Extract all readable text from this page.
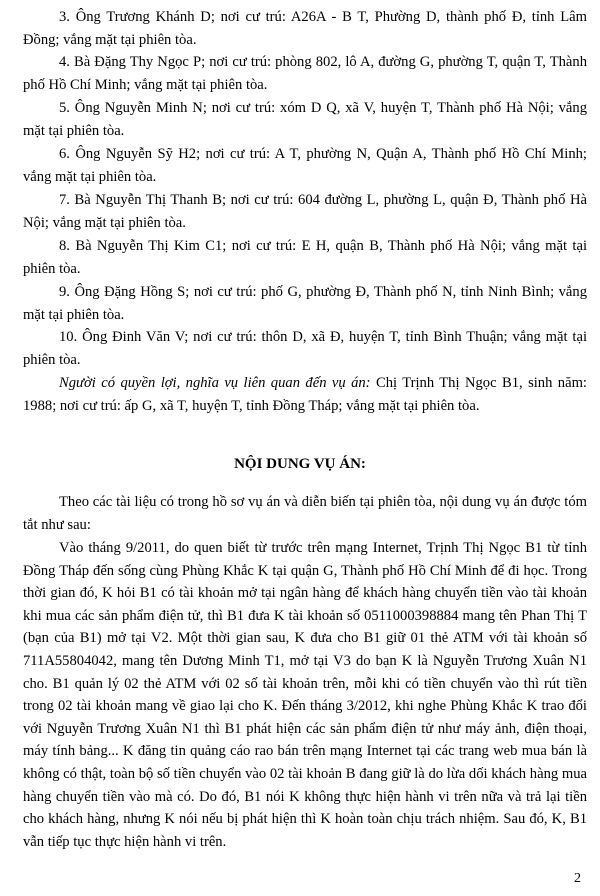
3. Ông Trương Khánh D; nơi cư trú: A26A - B T, Phường D, thành phố Đ, tỉnh Lâm Đồng; vắng mặt tại phiên tòa.
4. Bà Đặng Thy Ngọc P; nơi cư trú: phòng 802, lô A, đường G, phường T, quận T, Thành phố Hồ Chí Minh; vắng mặt tại phiên tòa.
5. Ông Nguyễn Minh N; nơi cư trú: xóm D Q, xã V, huyện T, Thành phố Hà Nội; vắng mặt tại phiên tòa.
6. Ông Nguyễn Sỹ H2; nơi cư trú: A T, phường N, Quận A, Thành phố Hồ Chí Minh; vắng mặt tại phiên tòa.
7. Bà Nguyễn Thị Thanh B; nơi cư trú: 604 đường L, phường L, quận Đ, Thành phố Hà Nội; vắng mặt tại phiên tòa.
8. Bà Nguyễn Thị Kim C1; nơi cư trú: E H, quận B, Thành phố Hà Nội; vắng mặt tại phiên tòa.
9. Ông Đặng Hồng S; nơi cư trú: phố G, phường Đ, Thành phố N, tỉnh Ninh Bình; vắng mặt tại phiên tòa.
10. Ông Đinh Văn V; nơi cư trú: thôn D, xã Đ, huyện T, tỉnh Bình Thuận; vắng mặt tại phiên tòa.
Người có quyền lợi, nghĩa vụ liên quan đến vụ án: Chị Trịnh Thị Ngọc B1, sinh năm: 1988; nơi cư trú: ấp G, xã T, huyện T, tỉnh Đồng Tháp; vắng mặt tại phiên tòa.
NỘI DUNG VỤ ÁN:
Theo các tài liệu có trong hồ sơ vụ án và diễn biến tại phiên tòa, nội dung vụ án được tóm tắt như sau:
Vào tháng 9/2011, do quen biết từ trước trên mạng Internet, Trịnh Thị Ngọc B1 từ tỉnh Đồng Tháp đến sống cùng Phùng Khắc K tại quận G, Thành phố Hồ Chí Minh để đi học. Trong thời gian đó, K hỏi B1 có tài khoản mở tại ngân hàng để khách hàng chuyển tiền vào tài khoản khi mua các sản phẩm điện tử, thì B1 đưa K tài khoản số 0511000398884 mang tên Phan Thị T (bạn của B1) mở tại V2. Một thời gian sau, K đưa cho B1 giữ 01 thẻ ATM với tài khoản số 711A55804042, mang tên Dương Minh T1, mở tại V3 do bạn K là Nguyễn Trương Xuân N1 cho. B1 quản lý 02 thẻ ATM với 02 số tài khoản trên, mỗi khi có tiền chuyển vào thì rút tiền trong 02 tài khoản mang về giao lại cho K. Đến tháng 3/2012, khi nghe Phùng Khắc K trao đổi với Nguyễn Trương Xuân N1 thì B1 phát hiện các sản phẩm điện tử như máy ảnh, điện thoại, máy tính bảng... K đăng tin quảng cáo rao bán trên mạng Internet tại các trang web mua bán là không có thật, toàn bộ số tiền chuyển vào 02 tài khoản B đang giữ là do lừa dối khách hàng mua hàng chuyển tiền vào mà có. Do đó, B1 nói K không thực hiện hành vi trên nữa và trả lại tiền cho khách hàng, nhưng K nói nếu bị phát hiện thì K hoàn toàn chịu trách nhiệm. Sau đó, K, B1 vẫn tiếp tục thực hiện hành vi trên.
2
